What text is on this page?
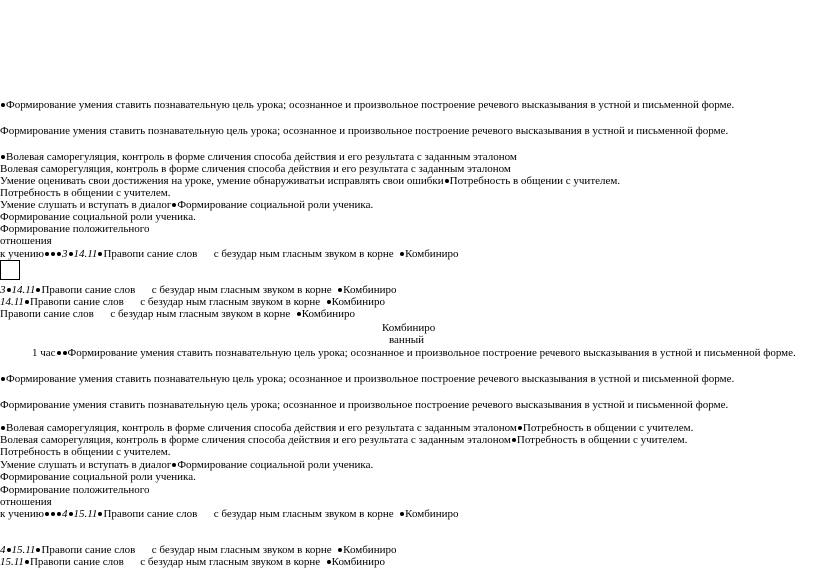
Формирование умения ставить познавательную цель урока; осознанное и произвольное построение речевого высказывания в устной и письменной форме.
Формирование умения ставить познавательную цель урока; осознанное и произвольное построение речевого высказывания в устной и письменной форме.
Волевая саморегуляция, контроль в форме сличения способа действия и его результата с заданным эталоном
Волевая саморегуляция, контроль в форме сличения способа действия и его результата с заданным эталоном
Умение оценивать свои достижения на уроке, умение обнаруживатьи исправлять свои ошибки Потребность в общении с учителем.
Потребность в общении с учителем.
Умение слушать и вступать в диалог Формирование социальной роли ученика.
Формирование социальной роли ученика.
Формирование положительного
отношения
к учению 3 14.11 Правопи сание слов с безудар ным гласным звуком в корне Комбиниро
3 14.11 Правопи сание слов с безудар ным гласным звуком в корне Комбиниро
14.11 Правопи сание слов с безудар ным гласным звуком в корне Комбиниро
Правопи сание слов с безудар ным гласным звуком в корне Комбиниро
Комбиниро
ванный
1 час Формирование умения ставить познавательную цель урока; осознанное и произвольное построение речевого высказывания в устной и письменной форме.
Формирование умения ставить познавательную цель урока; осознанное и произвольное построение речевого высказывания в устной и письменной форме.
Формирование умения ставить познавательную цель урока; осознанное и произвольное построение речевого высказывания в устной и письменной форме.
Волевая саморегуляция, контроль в форме сличения способа действия и его результата с заданным эталоном Потребность в общении с учителем.
Волевая саморегуляция, контроль в форме сличения способа действия и его результата с заданным эталоном Потребность в общении с учителем.
Потребность в общении с учителем.
Умение слушать и вступать в диалог Формирование социальной роли ученика.
Формирование социальной роли ученика.
Формирование положительного
отношения
к учению 4 15.11 Правопи сание слов с безудар ным гласным звуком в корне Комбиниро
4 15.11 Правопи сание слов с безудар ным гласным звуком в корне Комбиниро
15.11 Правопи сание слов с безудар ным гласным звуком в корне Комбиниро
